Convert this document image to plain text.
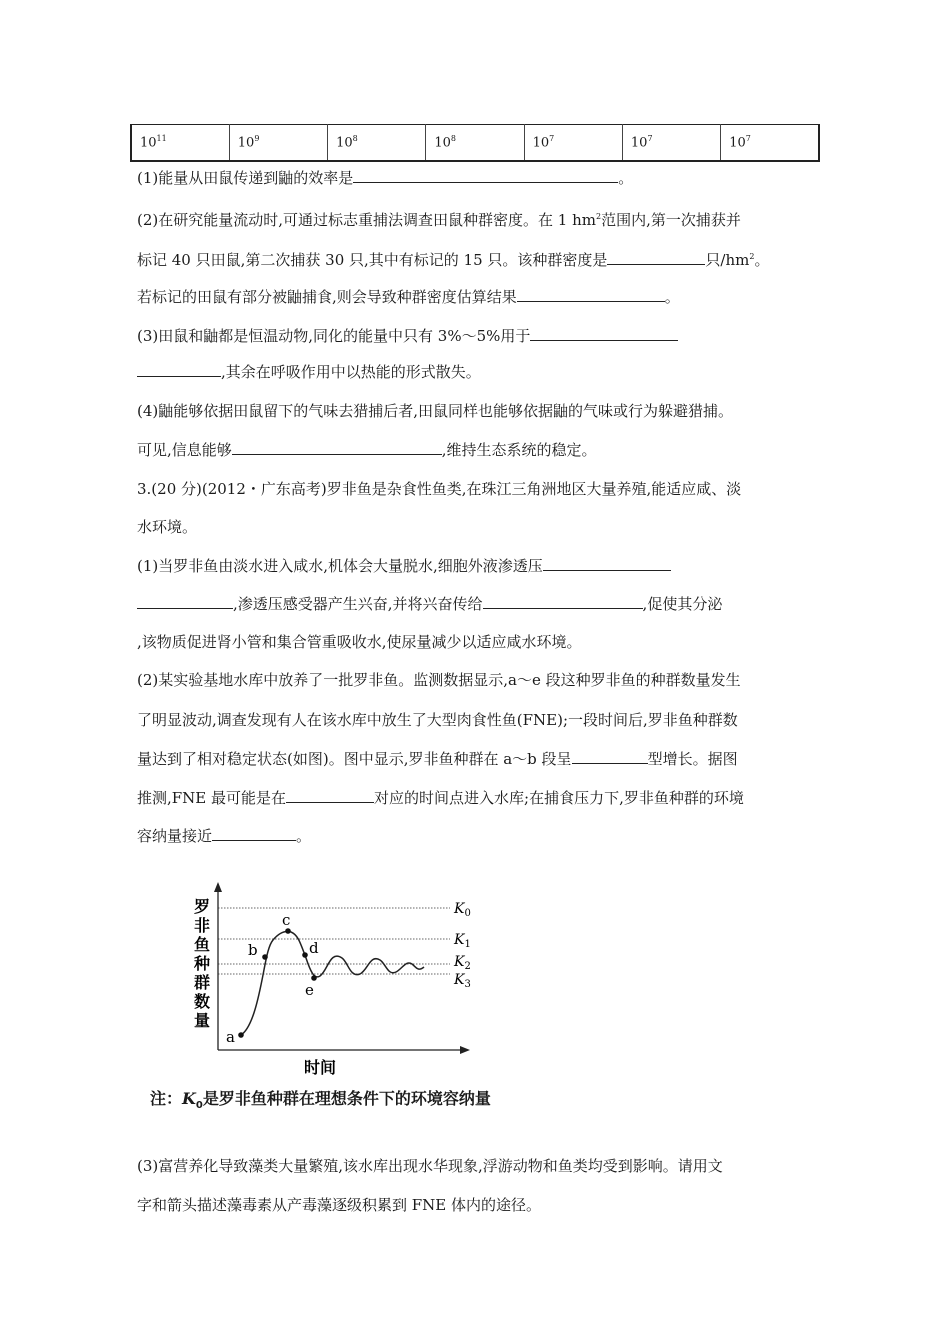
$10^{11}$	$10^9$	$10^8$	$10^8$	$10^7$	$10^7$	$10^7$
(1)能量从田鼠传递到鼬的效率是	。
(2)在研究能量流动时,可通过标志重捕法调查田鼠种群密度。在 1 $hm^2$范围内,第一次捕获并
标记 40 只田鼠,第二次捕获 30 只,其中有标记的 15 只。该种群密度是	只$/hm^2$。
若标记的田鼠有部分被鼬捕食,则会导致种群密度估算结果	。
(3)田鼠和鼬都是恒温动物,同化的能量中只有 3%～5%用于
,其余在呼吸作用中以热能的形式散失。
(4)鼬能够依据田鼠留下的气味去猎捕后者,田鼠同样也能够依据鼬的气味或行为躲避猎捕。
可见,信息能够	,维持生态系统的稳定。
3.(20 分)(2012・广东高考)罗非鱼是杂食性鱼类,在珠江三角洲地区大量养殖,能适应咸、淡
水环境。
(1)当罗非鱼由淡水进入咸水,机体会大量脱水,细胞外液渗透压
,渗透压感受器产生兴奋,并将兴奋传给	,促使其分泌
,该物质促进肾小管和集合管重吸收水,使尿量减少以适应咸水环境。
(2)某实验基地水库中放养了一批罗非鱼。监测数据显示,a～e 段这种罗非鱼的种群数量发生
了明显波动,调查发现有人在该水库中放生了大型肉食性鱼(FNE);一段时间后,罗非鱼种群数
量达到了相对稳定状态(如图)。图中显示,罗非鱼种群在 a～b 段呈	型增长。据图
推测,FNE 最可能是在	对应的时间点进入水库;在捕食压力下,罗非鱼种群的环境
容纳量接近	。
罗非鱼种群数量
时间
$K_0$
$K_1$
$K_2$
$K_3$
a
b
c
d
e
注：$K_0$是罗非鱼种群在理想条件下的环境容纳量
(3)富营养化导致藻类大量繁殖,该水库出现水华现象,浮游动物和鱼类均受到影响。请用文
字和箭头描述藻毒素从产毒藻逐级积累到 FNE 体内的途径。
